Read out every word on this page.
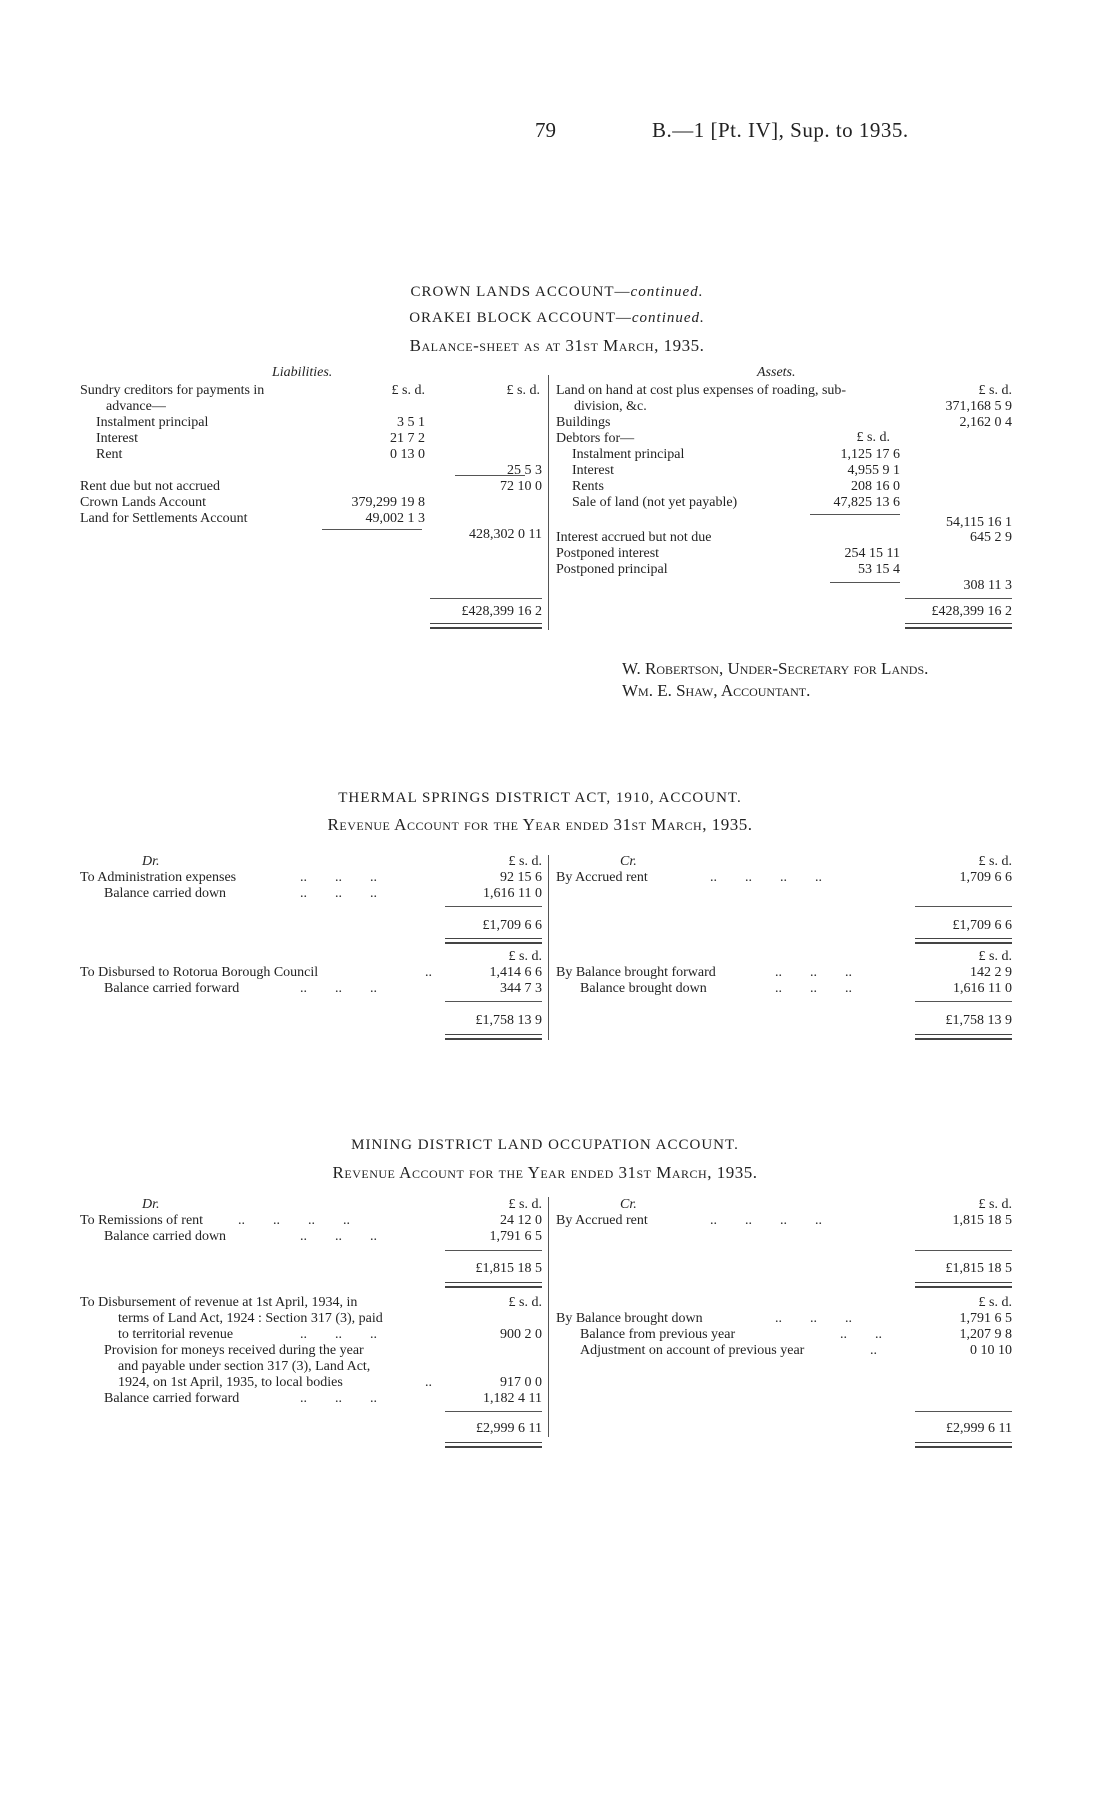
79	B.—1 [Pt. IV], Sup. to 1935.
CROWN LANDS ACCOUNT—continued.
ORAKEI BLOCK ACCOUNT—continued.
Balance-sheet as at 31st March, 1935.
Liabilities.	Assets.
£ s. d.	£ s. d.
£ s. d.
£ s. d.
Sundry creditors for payments in
advance—
Instalment principal	3 5 1
Interest	21 7 2
Rent	0 13 0
25 5 3
Rent due but not accrued	72 10 0
Crown Lands Account	379,299 19 8
Land for Settlements Account	49,002 1 3
428,302 0 11
£428,399 16 2
Land on hand at cost plus expenses of roading, sub-
division, &c.	371,168 5 9
Buildings	2,162 0 4
Debtors for—
Instalment principal	1,125 17 6
Interest	4,955 9 1
Rents	208 16 0
Sale of land (not yet payable)	47,825 13 6
54,115 16 1
Interest accrued but not due	645 2 9
Postponed interest	254 15 11
Postponed principal	53 15 4
308 11 3
£428,399 16 2
W. Robertson, Under-Secretary for Lands.
Wm. E. Shaw, Accountant.
THERMAL SPRINGS DISTRICT ACT, 1910, ACCOUNT.
Revenue Account for the Year ended 31st March, 1935.
Dr.	Cr.
£ s. d.	£ s. d.
To Administration expenses	..        ..        ..	92 15 6
Balance carried down	..        ..        ..	1,616 11 0
£1,709 6 6
By Accrued rent	..        ..        ..        ..	1,709 6 6
£1,709 6 6
£ s. d.	£ s. d.
To Disbursed to Rotorua Borough Council	..	1,414 6 6
Balance carried forward	..        ..        ..	344 7 3
£1,758 13 9
By Balance brought forward	..        ..        ..	142 2 9
Balance brought down	..        ..        ..	1,616 11 0
£1,758 13 9
MINING DISTRICT LAND OCCUPATION ACCOUNT.
Revenue Account for the Year ended 31st March, 1935.
Dr.	Cr.
£ s. d.	£ s. d.
To Remissions of rent ..        ..        ..        ..	24 12 0
Balance carried down	..        ..        ..	1,791 6 5
£1,815 18 5
By Accrued rent	..        ..        ..        ..	1,815 18 5
£1,815 18 5
To Disbursement of revenue at 1st April, 1934, in	£ s. d.
terms of Land Act, 1924 : Section 317 (3), paid
to territorial revenue	..        ..        ..	900 2 0
Provision for moneys received during the year
and payable under section 317 (3), Land Act,
1924, on 1st April, 1935, to local bodies	..	917 0 0
Balance carried forward	..        ..        ..	1,182 4 11
£2,999 6 11
£ s. d.
By Balance brought down	..        ..        ..	1,791 6 5
Balance from previous year	..        ..	1,207 9 8
Adjustment on account of previous year	..	0 10 10
£2,999 6 11
